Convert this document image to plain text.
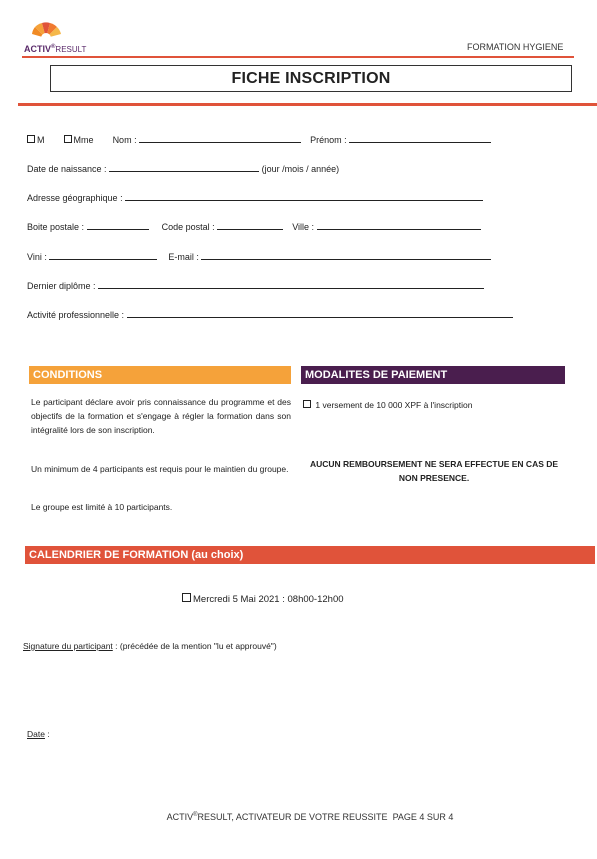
ACTIV®RESULT	FORMATION HYGIENE
FICHE INSCRIPTION
M	Mme Nom :	Prénom :
Date de naissance :	(jour /mois / année)
Adresse géographique :
Boite postale :	Code postal :	Ville :
Vini :	E-mail :
Dernier diplôme :
Activité professionnelle :
CONDITIONS
Le participant déclare avoir pris connaissance du programme et des objectifs de la formation et s'engage à régler la formation dans son intégralité lors de son inscription.
Un minimum de 4 participants est requis pour le maintien du groupe.
Le groupe est limité à 10 participants.
MODALITES DE PAIEMENT
1 versement de 10 000 XPF à l'inscription
AUCUN REMBOURSEMENT NE SERA EFFECTUE EN CAS DE NON PRESENCE.
CALENDRIER DE FORMATION (au choix)
Mercredi 5 Mai 2021 : 08h00-12h00
Signature du participant : (précédée de la mention "lu et approuvé")
Date :
ACTIV®RESULT, ACTIVATEUR DE VOTRE REUSSITE PAGE 4 SUR 4
